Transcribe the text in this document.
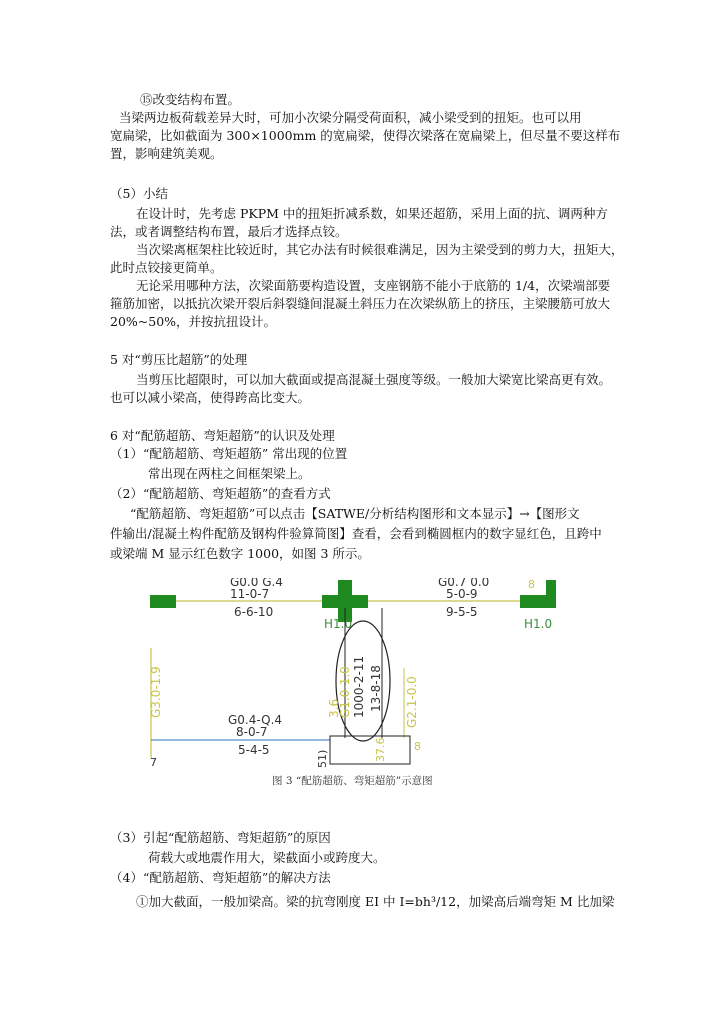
⑮改变结构布置。
当梁两边板荷载差异大时，可加小次梁分隔受荷面积，减小梁受到的扭矩。也可以用
宽扁梁，比如截面为 300×1000mm 的宽扁梁，使得次梁落在宽扁梁上，但尽量不要这样布
置，影响建筑美观。
（5）小结
在设计时，先考虑 PKPM 中的扭矩折减系数，如果还超筋，采用上面的抗、调两种方
法，或者调整结构布置，最后才选择点铰。
当次梁离框架柱比较近时，其它办法有时候很难满足，因为主梁受到的剪力大，扭矩大，
此时点铰接更简单。
无论采用哪种方法，次梁面筋要构造设置，支座钢筋不能小于底筋的 1/4，次梁端部要
箍筋加密，以抵抗次梁开裂后斜裂缝间混凝土斜压力在次梁纵筋上的挤压，主梁腰筋可放大
20%~50%，并按抗扭设计。
5 对“剪压比超筋”的处理
当剪压比超限时，可以加大截面或提高混凝土强度等级。一般加大梁宽比梁高更有效。
也可以减小梁高，使得跨高比变大。
6 对“配筋超筋、弯矩超筋”的认识及处理
（1）“配筋超筋、弯矩超筋” 常出现的位置
常出现在两柱之间框架梁上。
（2）“配筋超筋、弯矩超筋”的查看方式
“配筋超筋、弯矩超筋”可以点击【SATWE/分析结构图形和文本显示】→【图形文
件输出/混凝土构件配筋及钢构件验算简图】查看，会看到椭圆框内的数字显红色，且跨中
或梁端 M 显示红色数字 1000，如图 3 所示。
G0.0 G.4
11-0-7
6-6-10
G0.7 0.0
5-0-9
9-5-5
8
H1.0	H1.0
G3.0-1.9
G0.4-Q.4
8-0-7
5-4-5
G1.0-1.0 1000-2-11 13-8-18 G2.1-0.0
3.6
37.6 8
7	51)
图 3 “配筋超筋、弯矩超筋”示意图
（3）引起“配筋超筋、弯矩超筋”的原因
荷载大或地震作用大，梁截面小或跨度大。
（4）“配筋超筋、弯矩超筋”的解决方法
①加大截面，一般加梁高。梁的抗弯刚度 EI 中 I=bh³/12，加梁高后端弯矩 M 比加梁
